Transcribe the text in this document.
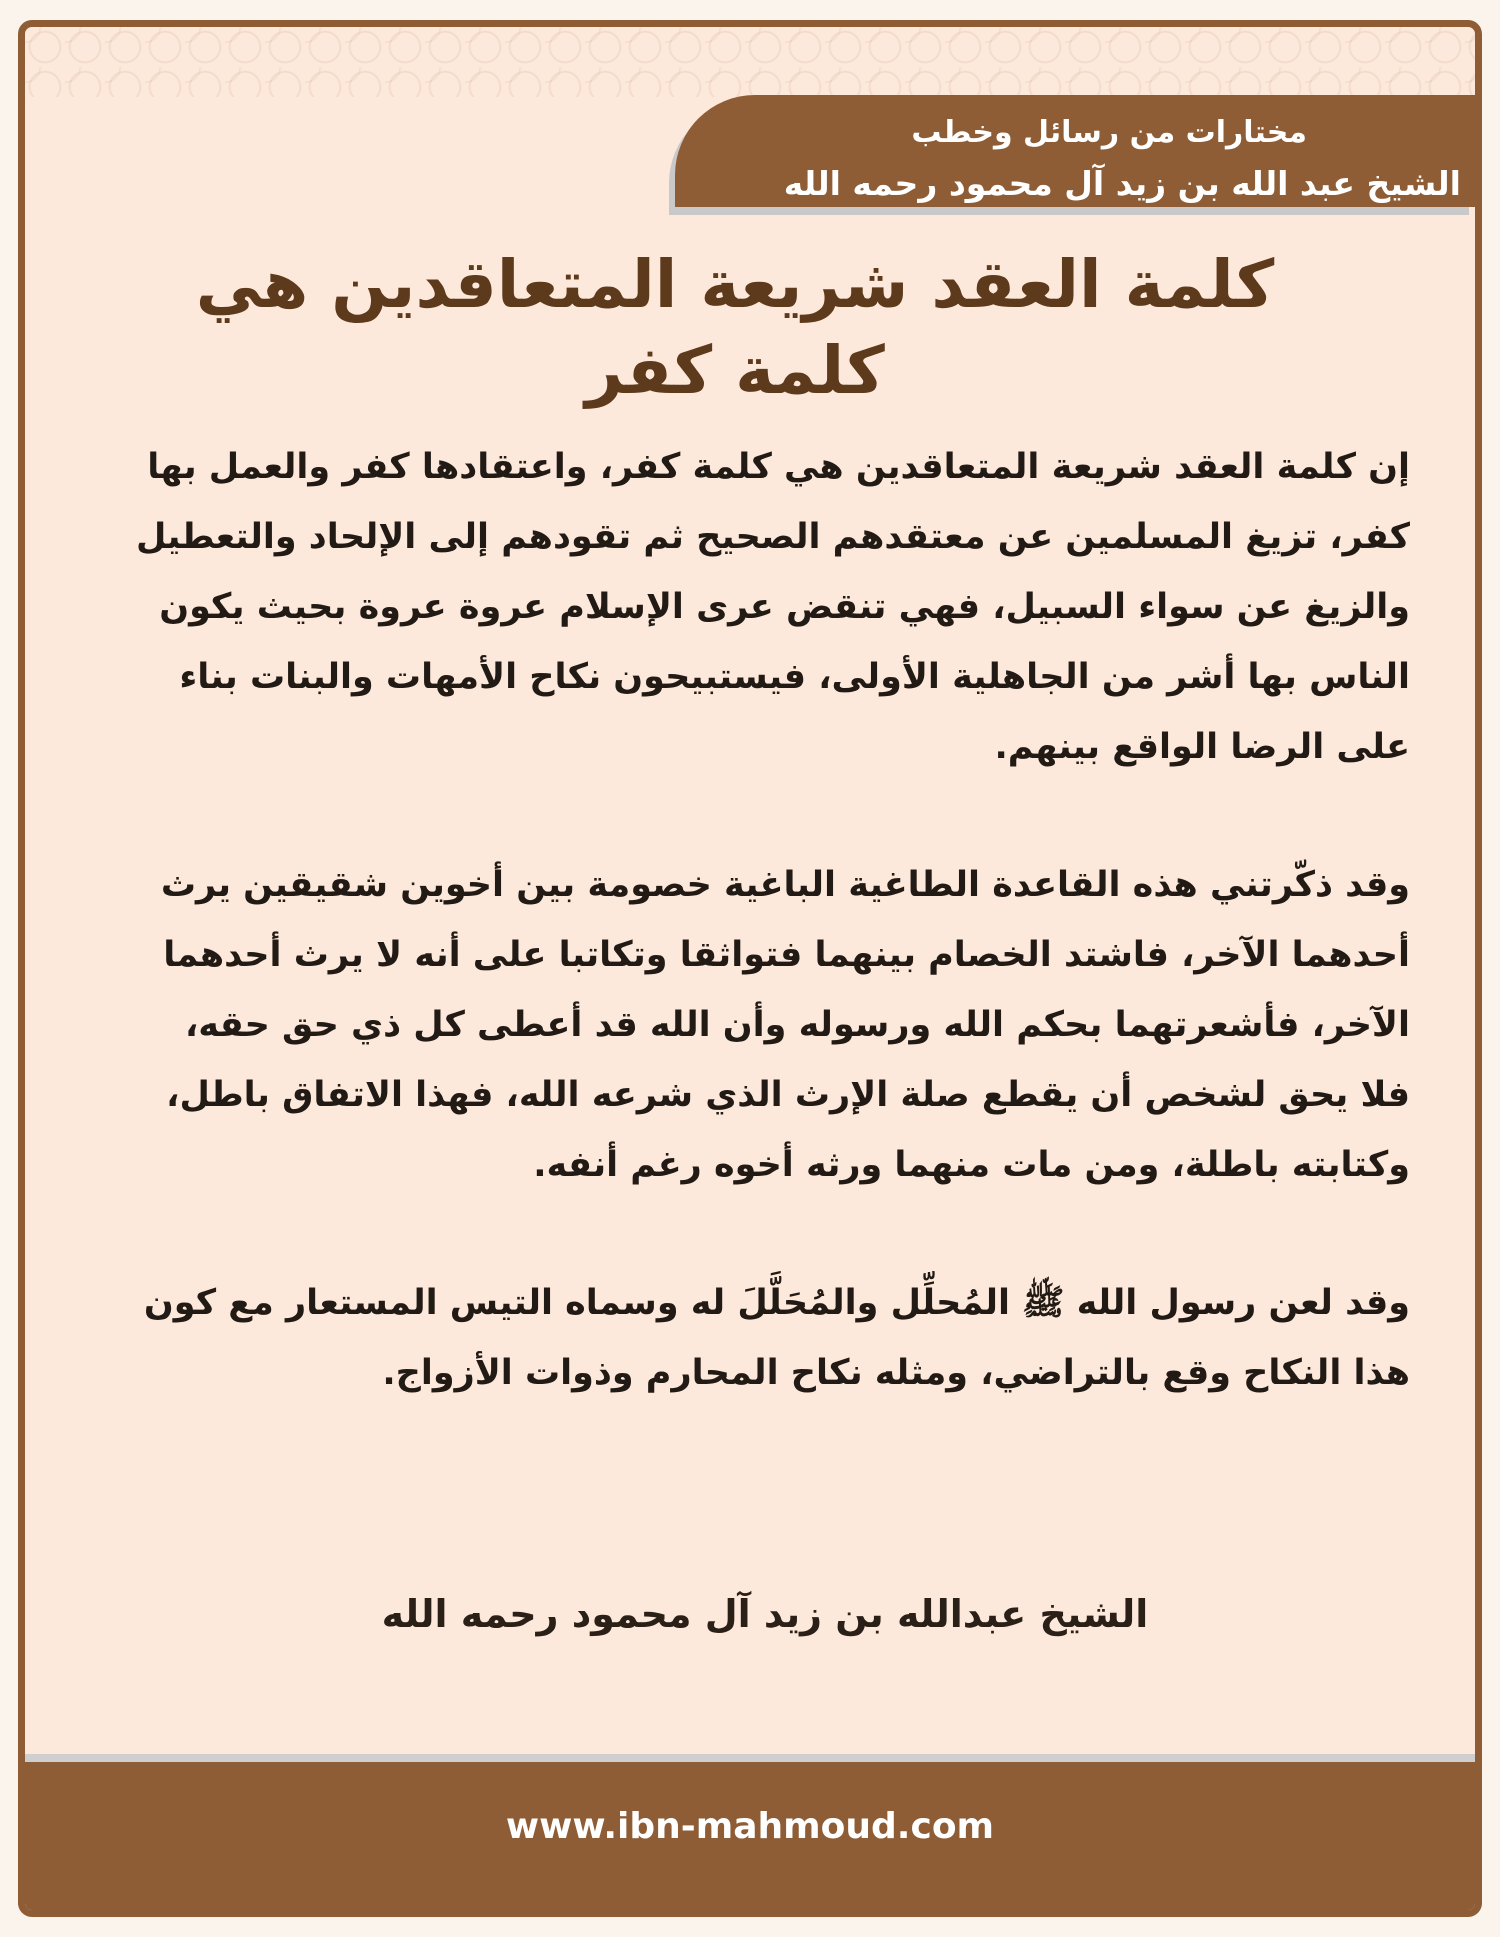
مختارات من رسائل وخطب
الشيخ عبد الله بن زيد آل محمود رحمه الله
كلمة العقد شريعة المتعاقدين هي كلمة كفر

إن كلمة العقد شريعة المتعاقدين هي كلمة كفر، واعتقادها كفر والعمل بها كفر، تزيغ المسلمين عن معتقدهم الصحيح ثم تقودهم إلى الإلحاد والتعطيل والزيغ عن سواء السبيل، فهي تنقض عرى الإسلام عروة عروة بحيث يكون الناس بها أشر من الجاهلية الأولى، فيستبيحون نكاح الأمهات والبنات بناء على الرضا الواقع بينهم.

وقد ذكّرتني هذه القاعدة الطاغية الباغية خصومة بين أخوين شقيقين يرث أحدهما الآخر، فاشتد الخصام بينهما فتواثقا وتكاتبا على أنه لا يرث أحدهما الآخر، فأشعرتهما بحكم الله ورسوله وأن الله قد أعطى كل ذي حق حقه، فلا يحق لشخص أن يقطع صلة الإرث الذي شرعه الله، فهذا الاتفاق باطل، وكتابته باطلة، ومن مات منهما ورثه أخوه رغم أنفه.

وقد لعن رسول الله ﷺ المُحلِّل والمُحَلَّلَ له وسماه التيس المستعار مع كون هذا النكاح وقع بالتراضي، ومثله نكاح المحارم وذوات الأزواج.

الشيخ عبدالله بن زيد آل محمود رحمه الله
www.ibn-mahmoud.com
